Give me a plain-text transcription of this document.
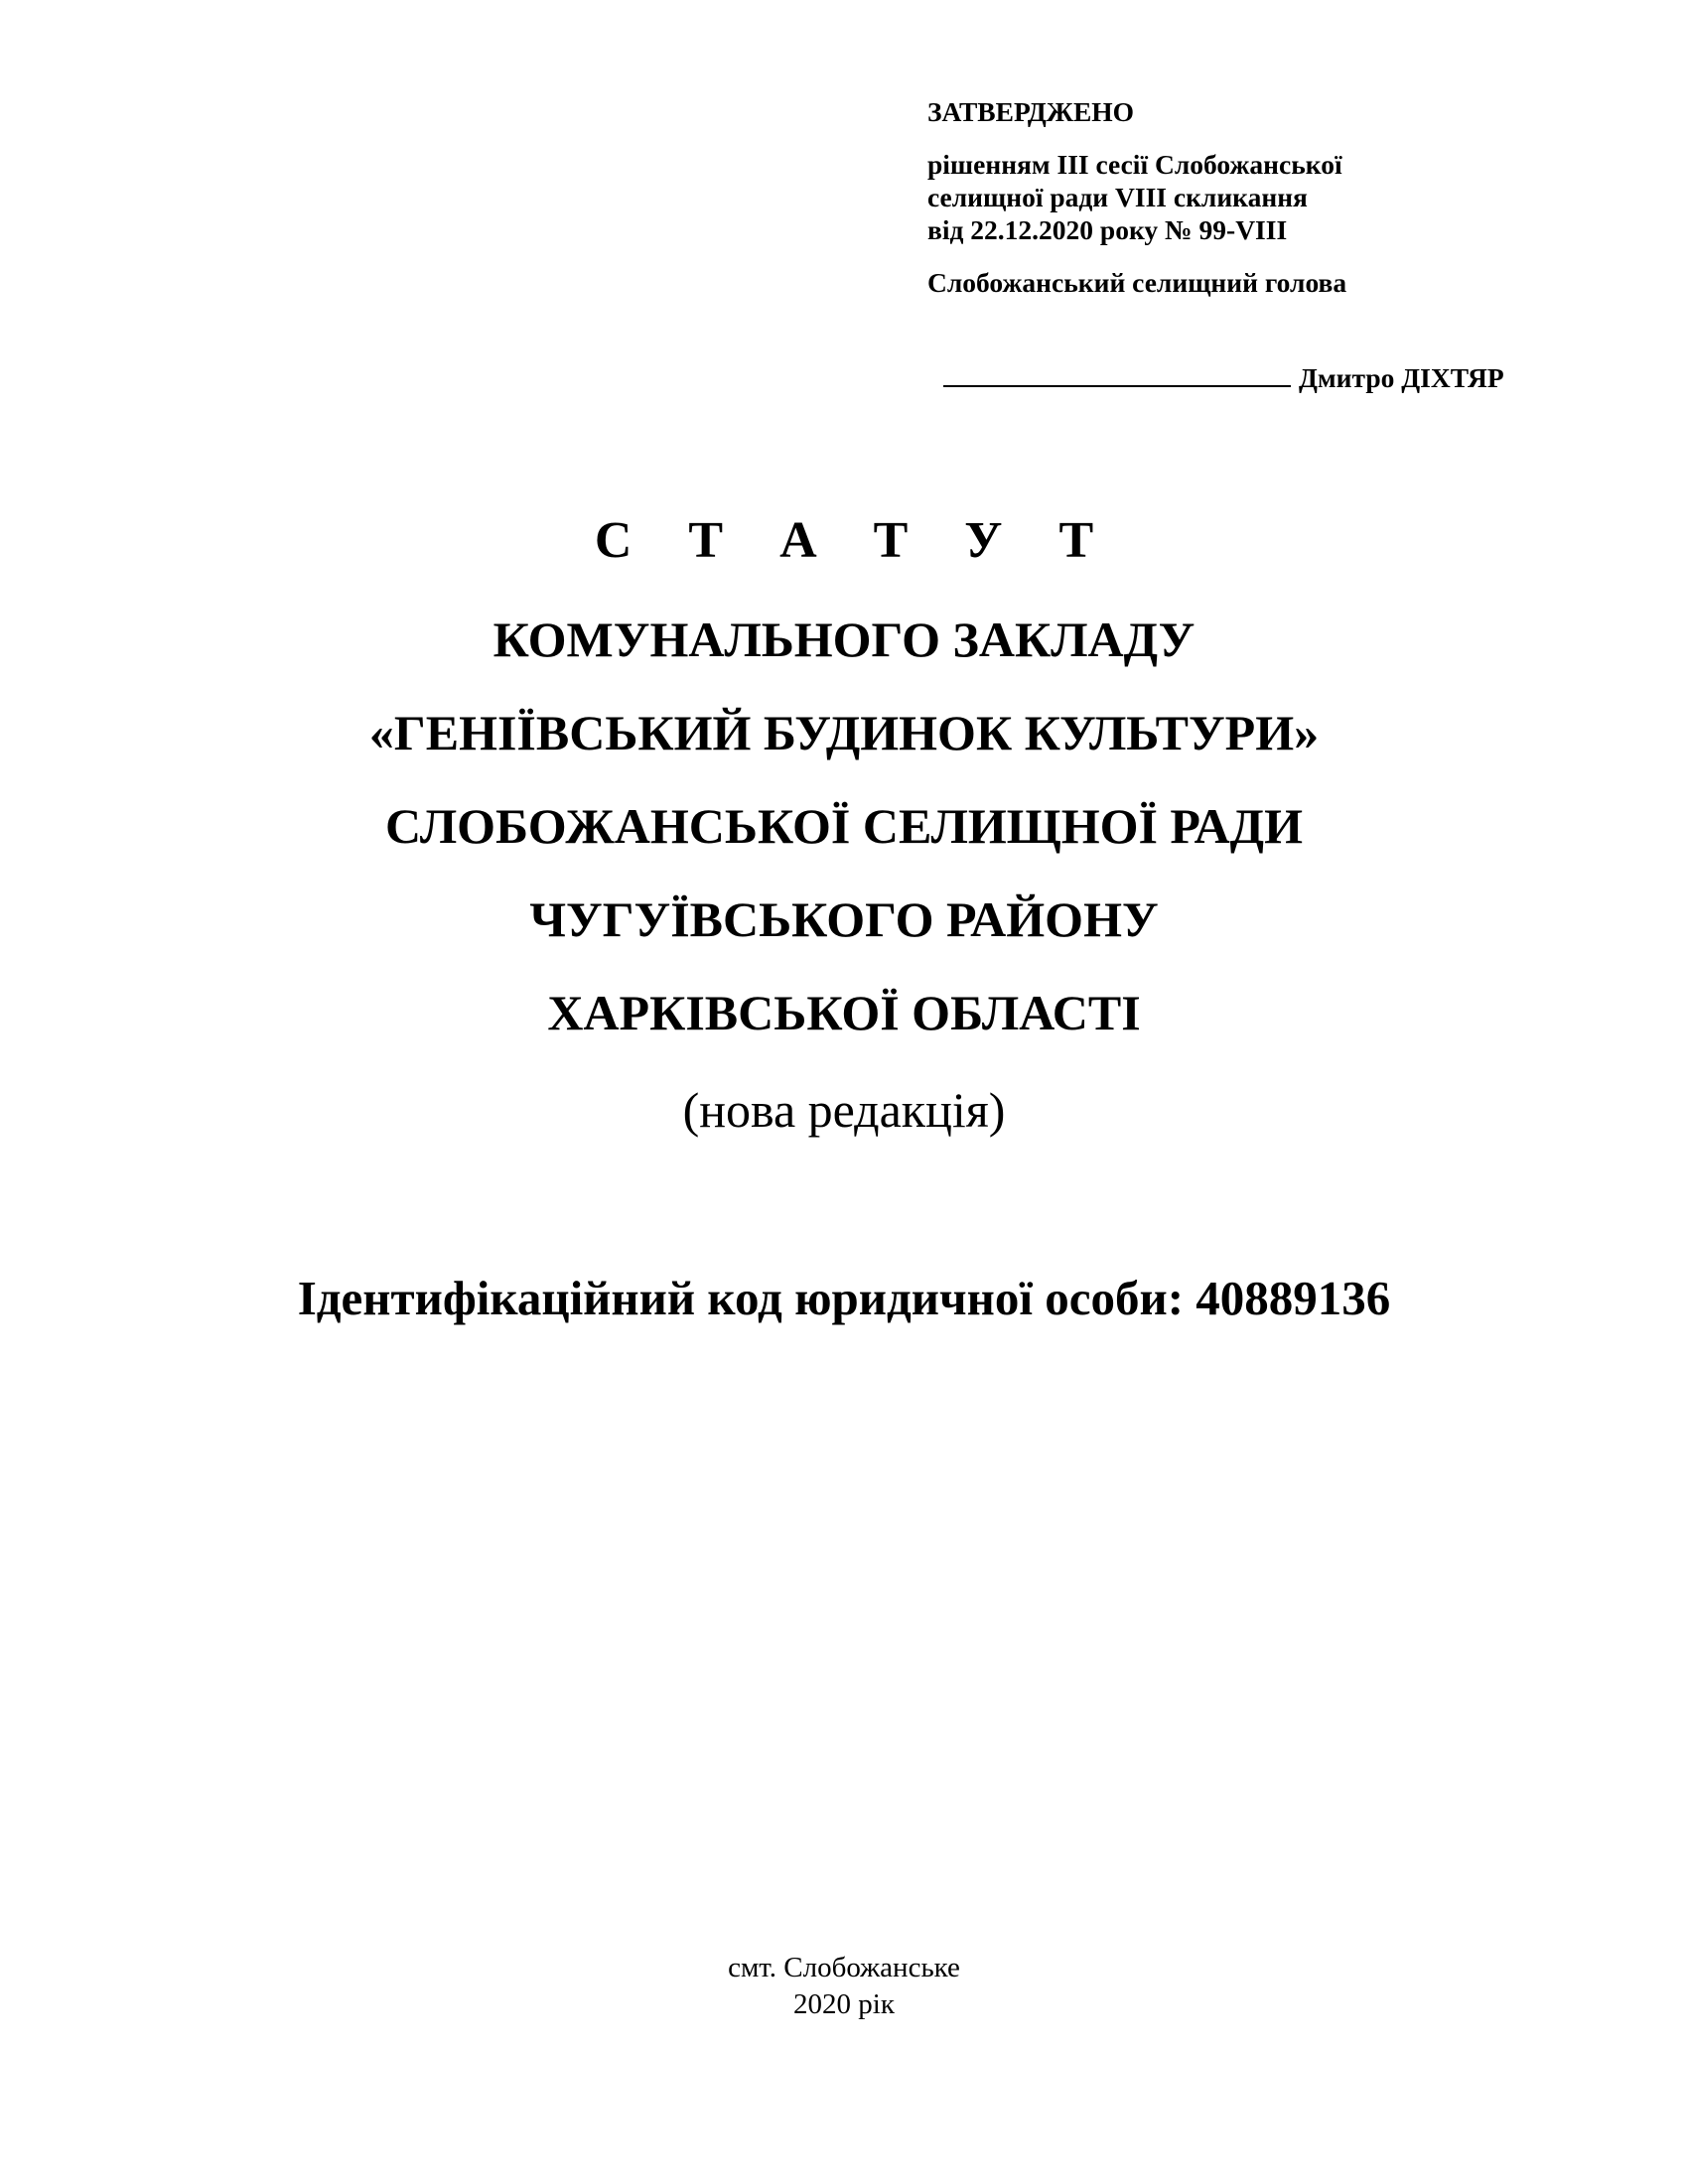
ЗАТВЕРДЖЕНО
рішенням ІІІ сесії Слобожанської
селищної ради VIIІ скликання
від 22.12.2020 року № 99-VIIІ
Слобожанський селищний голова
Дмитро ДІХТЯР
С Т А Т У Т
КОМУНАЛЬНОГО ЗАКЛАДУ
«ГЕНІЇВСЬКИЙ БУДИНОК КУЛЬТУРИ»
СЛОБОЖАНСЬКОЇ СЕЛИЩНОЇ РАДИ
ЧУГУЇВСЬКОГО РАЙОНУ
ХАРКІВСЬКОЇ ОБЛАСТІ
(нова редакція)
Ідентифікаційний код юридичної особи: 40889136
смт. Слобожанське
2020 рік
